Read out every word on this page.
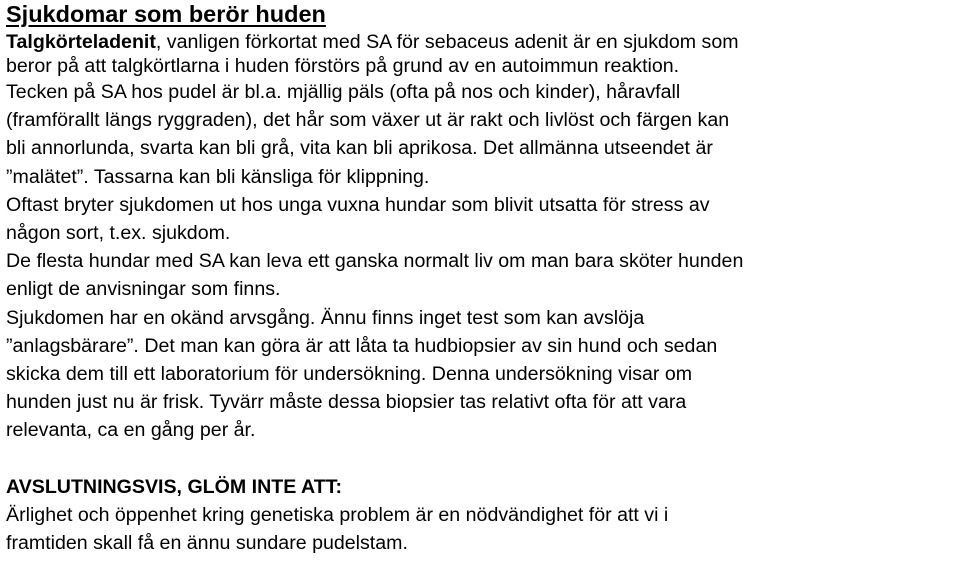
Sjukdomar som berör huden
Talgkörteladenit, vanligen förkortat med SA för sebaceus adenit är en sjukdom som
beror på att talgkörtlarna i huden förstörs på grund av en autoimmun reaktion.

Tecken på SA hos pudel är bl.a. mjällig päls (ofta på nos och kinder), håravfall
(framförallt längs ryggraden), det hår som växer ut är rakt och livlöst och färgen kan
bli annorlunda, svarta kan bli grå, vita kan bli aprikosa. Det allmänna utseendet är
”malätet”. Tassarna kan bli känsliga för klippning.

Oftast bryter sjukdomen ut hos unga vuxna hundar som blivit utsatta för stress av
någon sort, t.ex. sjukdom.

De flesta hundar med SA kan leva ett ganska normalt liv om man bara sköter hunden
enligt de anvisningar som finns.

Sjukdomen har en okänd arvsgång. Ännu finns inget test som kan avslöja
”anlagsbärare”. Det man kan göra är att låta ta hudbiopsier av sin hund och sedan
skicka dem till ett laboratorium för undersökning. Denna undersökning visar om
hunden just nu är frisk. Tyvärr måste dessa biopsier tas relativt ofta för att vara
relevanta, ca en gång per år.

AVSLUTNINGSVIS, GLÖM INTE ATT:
Ärlighet och öppenhet kring genetiska problem är en nödvändighet för att vi i
framtiden skall få en ännu sundare pudelstam.
